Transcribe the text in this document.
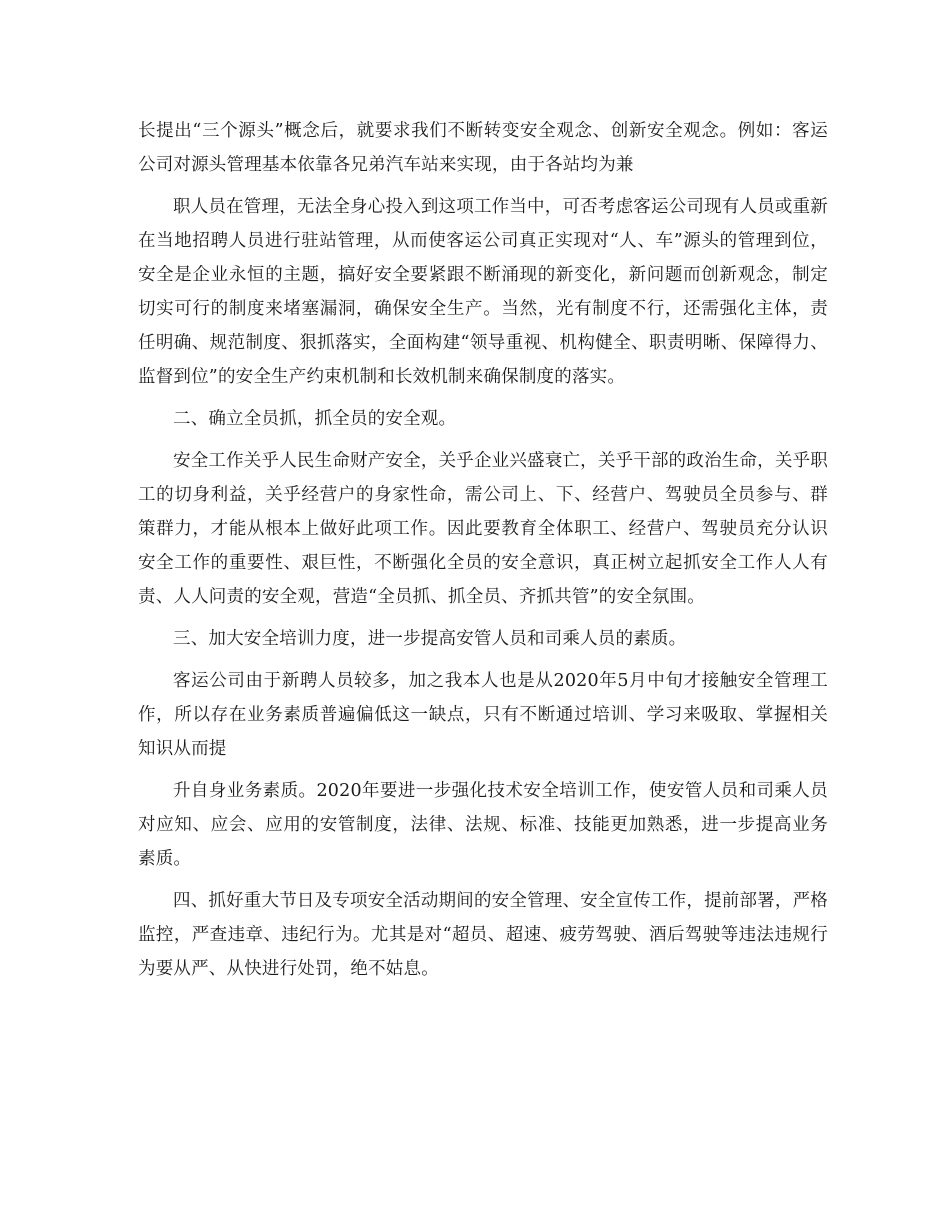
长提出“三个源头”概念后，就要求我们不断转变安全观念、创新安全观念。例如：客运公司对源头管理基本依靠各兄弟汽车站来实现，由于各站均为兼

职人员在管理，无法全身心投入到这项工作当中，可否考虑客运公司现有人员或重新在当地招聘人员进行驻站管理，从而使客运公司真正实现对“人、车”源头的管理到位，安全是企业永恒的主题，搞好安全要紧跟不断涌现的新变化，新问题而创新观念，制定切实可行的制度来堵塞漏洞，确保安全生产。当然，光有制度不行，还需强化主体，责任明确、规范制度、狠抓落实，全面构建“领导重视、机构健全、职责明晰、保障得力、监督到位”的安全生产约束机制和长效机制来确保制度的落实。

二、确立全员抓，抓全员的安全观。

安全工作关乎人民生命财产安全，关乎企业兴盛衰亡，关乎干部的政治生命，关乎职工的切身利益，关乎经营户的身家性命，需公司上、下、经营户、驾驶员全员参与、群策群力，才能从根本上做好此项工作。因此要教育全体职工、经营户、驾驶员充分认识安全工作的重要性、艰巨性，不断强化全员的安全意识，真正树立起抓安全工作人人有责、人人问责的安全观，营造“全员抓、抓全员、齐抓共管”的安全氛围。

三、加大安全培训力度，进一步提高安管人员和司乘人员的素质。

客运公司由于新聘人员较多，加之我本人也是从2020年5月中旬才接触安全管理工作，所以存在业务素质普遍偏低这一缺点，只有不断通过培训、学习来吸取、掌握相关知识从而提

升自身业务素质。2020年要进一步强化技术安全培训工作，使安管人员和司乘人员对应知、应会、应用的安管制度，法律、法规、标准、技能更加熟悉，进一步提高业务素质。

四、抓好重大节日及专项安全活动期间的安全管理、安全宣传工作，提前部署，严格监控，严查违章、违纪行为。尤其是对“超员、超速、疲劳驾驶、酒后驾驶等违法违规行为要从严、从快进行处罚，绝不姑息。
